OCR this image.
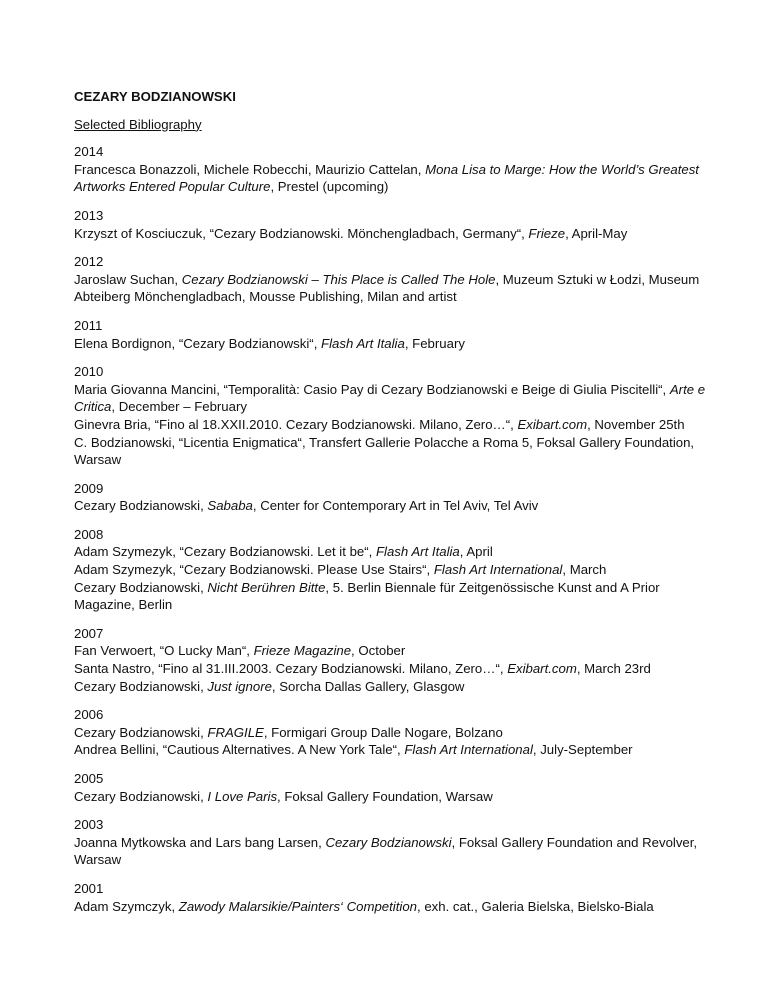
CEZARY BODZIANOWSKI
Selected Bibliography
2014
Francesca Bonazzoli, Michele Robecchi, Maurizio Cattelan, Mona Lisa to Marge: How the World’s Greatest Artworks Entered Popular Culture, Prestel (upcoming)
2013
Krzyszt of Kosciuczuk, “Cezary Bodzianowski. Mönchengladbach, Germany“, Frieze, April-May
2012
Jaroslaw Suchan, Cezary Bodzianowski – This Place is Called The Hole, Muzeum Sztuki w Łodzi, Museum Abteiberg Mönchengladbach, Mousse Publishing, Milan and artist
2011
Elena Bordignon, “Cezary Bodzianowski“, Flash Art Italia, February
2010
Maria Giovanna Mancini, “Temporalità: Casio Pay di Cezary Bodzianowski e Beige di Giulia Piscitelli“, Arte e Critica, December – February
Ginevra Bria, “Fino al 18.XXII.2010. Cezary Bodzianowski. Milano, Zero…“, Exibart.com, November 25th
C. Bodzianowski, “Licentia Enigmatica“, Transfert Gallerie Polacche a Roma 5, Foksal Gallery Foundation, Warsaw
2009
Cezary Bodzianowski, Sababa, Center for Contemporary Art in Tel Aviv, Tel Aviv
2008
Adam Szymezyk, “Cezary Bodzianowski. Let it be“, Flash Art Italia, April
Adam Szymezyk, “Cezary Bodzianowski. Please Use Stairs“, Flash Art International, March
Cezary Bodzianowski, Nicht Berühren Bitte, 5. Berlin Biennale für Zeitgenössische Kunst and A Prior Magazine, Berlin
2007
Fan Verwoert, “O Lucky Man“, Frieze Magazine, October
Santa Nastro, “Fino al 31.III.2003. Cezary Bodzianowski. Milano, Zero…“, Exibart.com, March 23rd
Cezary Bodzianowski, Just ignore, Sorcha Dallas Gallery, Glasgow
2006
Cezary Bodzianowski, FRAGILE, Formigari Group Dalle Nogare, Bolzano
Andrea Bellini, “Cautious Alternatives. A New York Tale“, Flash Art International, July-September
2005
Cezary Bodzianowski, I Love Paris, Foksal Gallery Foundation, Warsaw
2003
Joanna Mytkowska and Lars bang Larsen, Cezary Bodzianowski, Foksal Gallery Foundation and Revolver, Warsaw
2001
Adam Szymczyk, Zawody Malarsikie/Painters‘ Competition, exh. cat., Galeria Bielska, Bielsko-Biala
